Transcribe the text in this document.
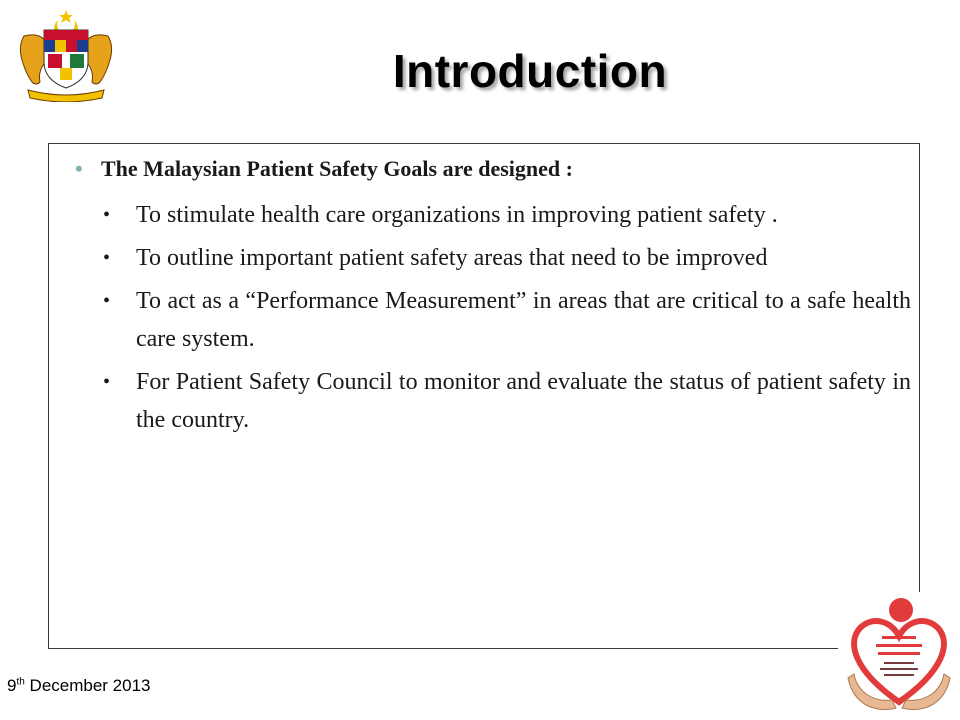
Introduction
• The Malaysian Patient Safety Goals are designed :
•	To stimulate health care organizations in improving patient safety .
•	To outline important patient safety areas that need to be improved
•	To act as a “Performance Measurement” in areas that are critical to a safe health care system.
•	For Patient Safety Council to monitor and evaluate the status of patient safety in the country.
9th December 2013	2
